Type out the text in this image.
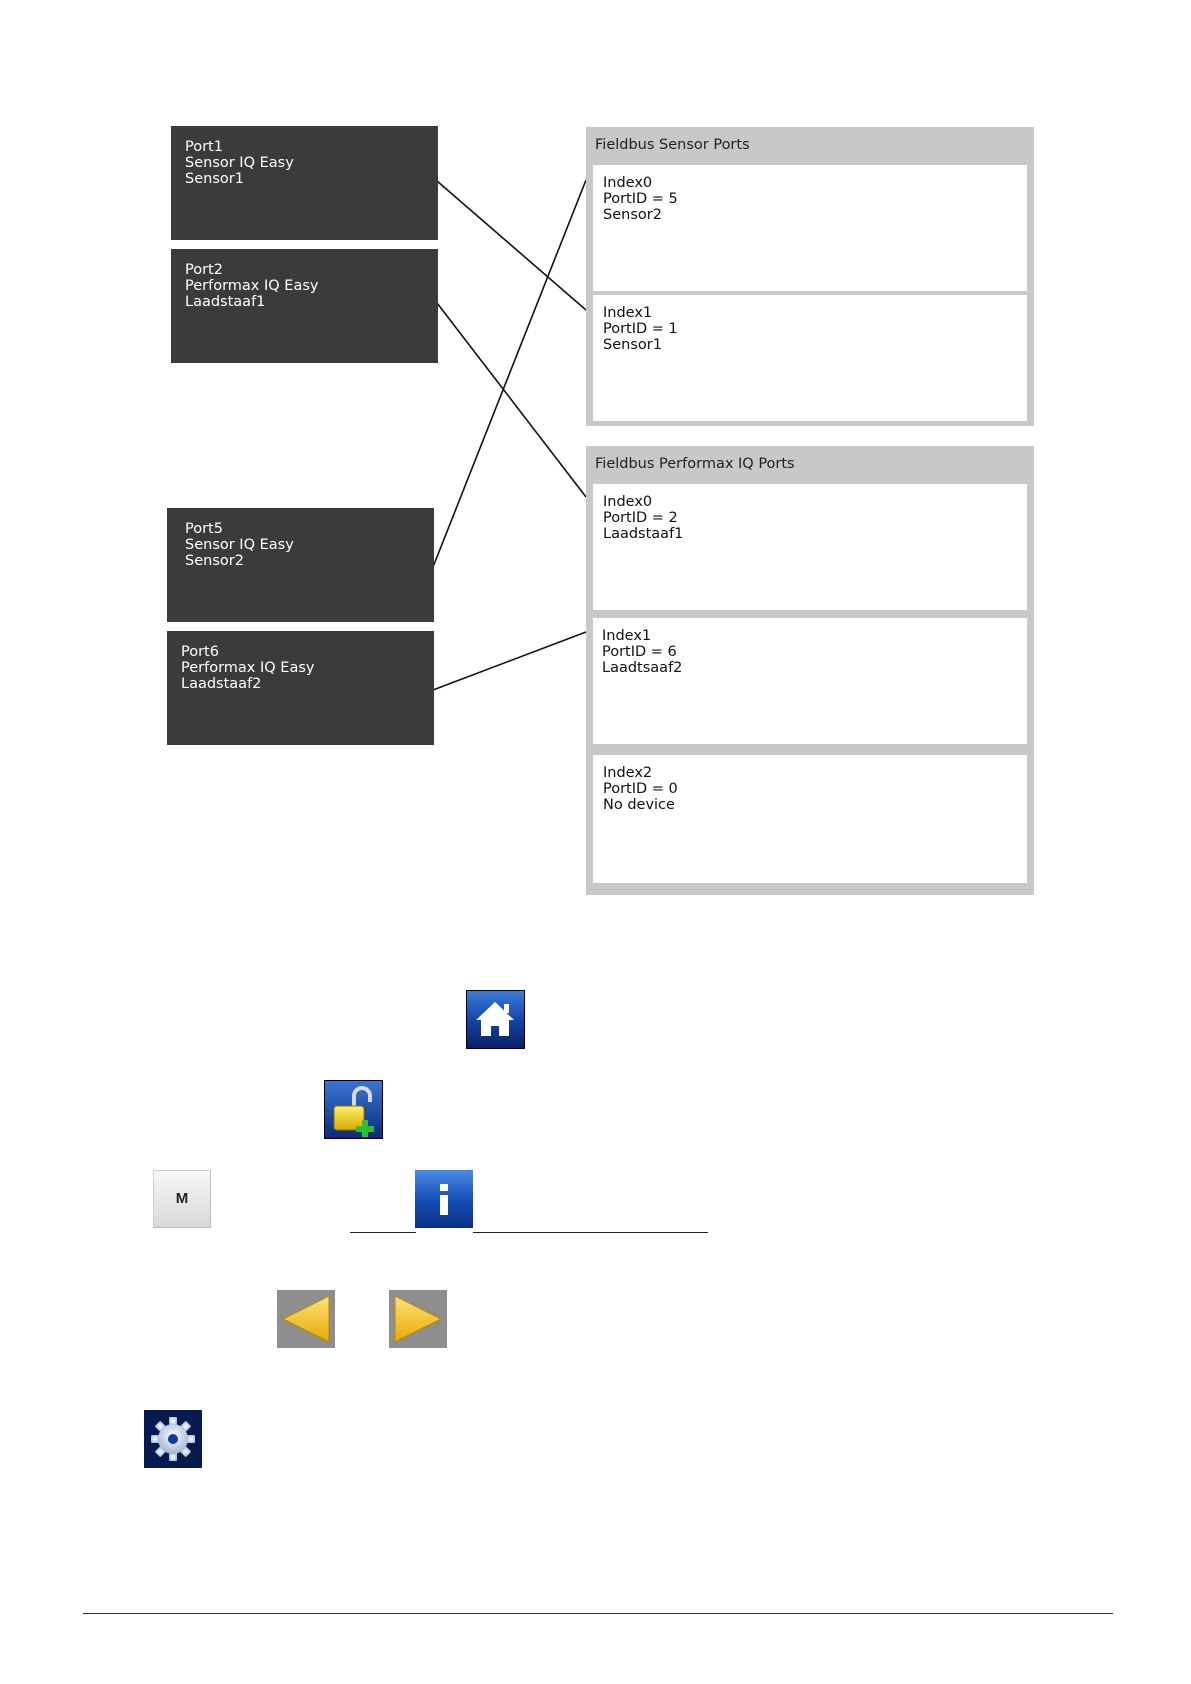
Port1
Sensor IQ Easy
Sensor1
Port2
Performax IQ Easy
Laadstaaf1
Port5
Sensor IQ Easy
Sensor2
Port6
Performax IQ Easy
Laadstaaf2
Fieldbus Sensor Ports
Index0
PortID = 5
Sensor2
Index1
PortID = 1
Sensor1
Fieldbus Performax IQ Ports
Index0
PortID = 2
Laadstaaf1
Index1
PortID = 6
Laadtsaaf2
Index2
PortID = 0
No device
M
